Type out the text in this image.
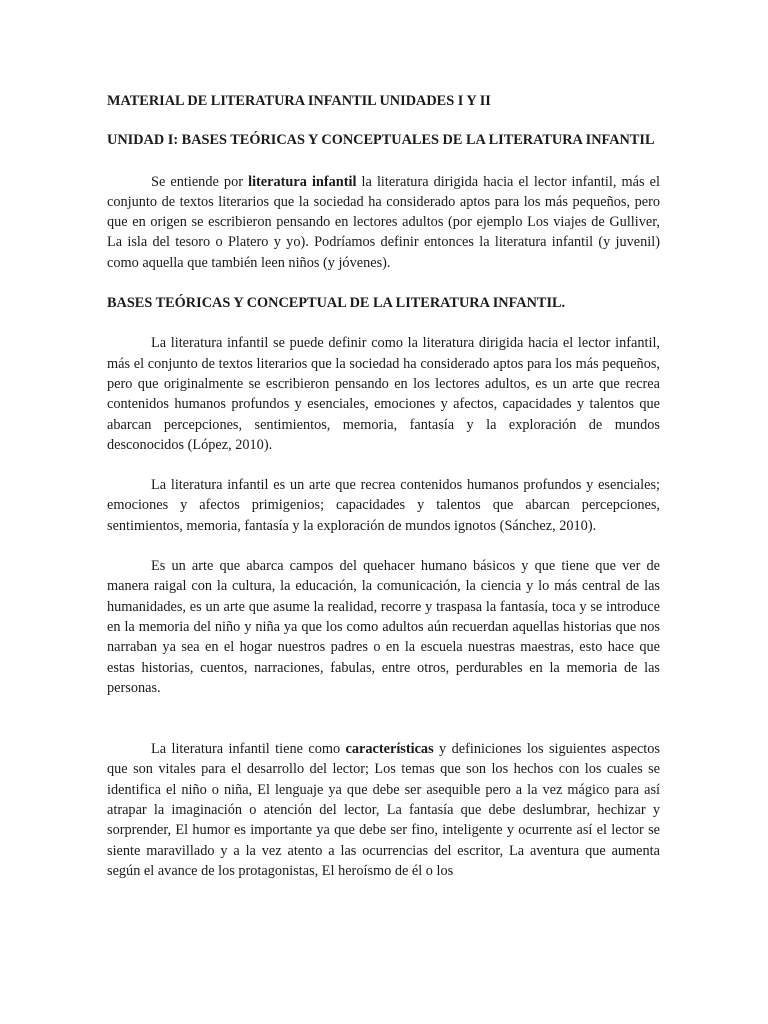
MATERIAL DE LITERATURA INFANTIL UNIDADES I Y II

UNIDAD I: BASES TEÓRICAS Y CONCEPTUALES DE LA LITERATURA INFANTIL

Se entiende por literatura infantil la literatura dirigida hacia el lector infantil, más el conjunto de textos literarios que la sociedad ha considerado aptos para los más pequeños, pero que en origen se escribieron pensando en lectores adultos (por ejemplo Los viajes de Gulliver, La isla del tesoro o Platero y yo). Podríamos definir entonces la literatura infantil (y juvenil) como aquella que también leen niños (y jóvenes).

BASES TEÓRICAS Y CONCEPTUAL DE LA LITERATURA INFANTIL.

La literatura infantil se puede definir como la literatura dirigida hacia el lector infantil, más el conjunto de textos literarios que la sociedad ha considerado aptos para los más pequeños, pero que originalmente se escribieron pensando en los lectores adultos, es un arte que recrea contenidos humanos profundos y esenciales, emociones y afectos, capacidades y talentos que abarcan percepciones, sentimientos, memoria, fantasía y la exploración de mundos desconocidos (López, 2010).

La literatura infantil es un arte que recrea contenidos humanos profundos y esenciales; emociones y afectos primigenios; capacidades y talentos que abarcan percepciones, sentimientos, memoria, fantasía y la exploración de mundos ignotos (Sánchez, 2010).

Es un arte que abarca campos del quehacer humano básicos y que tiene que ver de manera raigal con la cultura, la educación, la comunicación, la ciencia y lo más central de las humanidades, es un arte que asume la realidad, recorre y traspasa la fantasía, toca y se introduce en la memoria del niño y niña ya que los como adultos aún recuerdan aquellas historias que nos narraban ya sea en el hogar nuestros padres o en la escuela nuestras maestras, esto hace que estas historias, cuentos, narraciones, fabulas, entre otros, perdurables en la memoria de las personas.

La literatura infantil tiene como características y definiciones los siguientes aspectos que son vitales para el desarrollo del lector; Los temas que son los hechos con los cuales se identifica el niño o niña, El lenguaje ya que debe ser asequible pero a la vez mágico para así atrapar la imaginación o atención del lector, La fantasía que debe deslumbrar, hechizar y sorprender, El humor es importante ya que debe ser fino, inteligente y ocurrente así el lector se siente maravillado y a la vez atento a las ocurrencias del escritor, La aventura que aumenta según el avance de los protagonistas, El heroísmo de él o los
